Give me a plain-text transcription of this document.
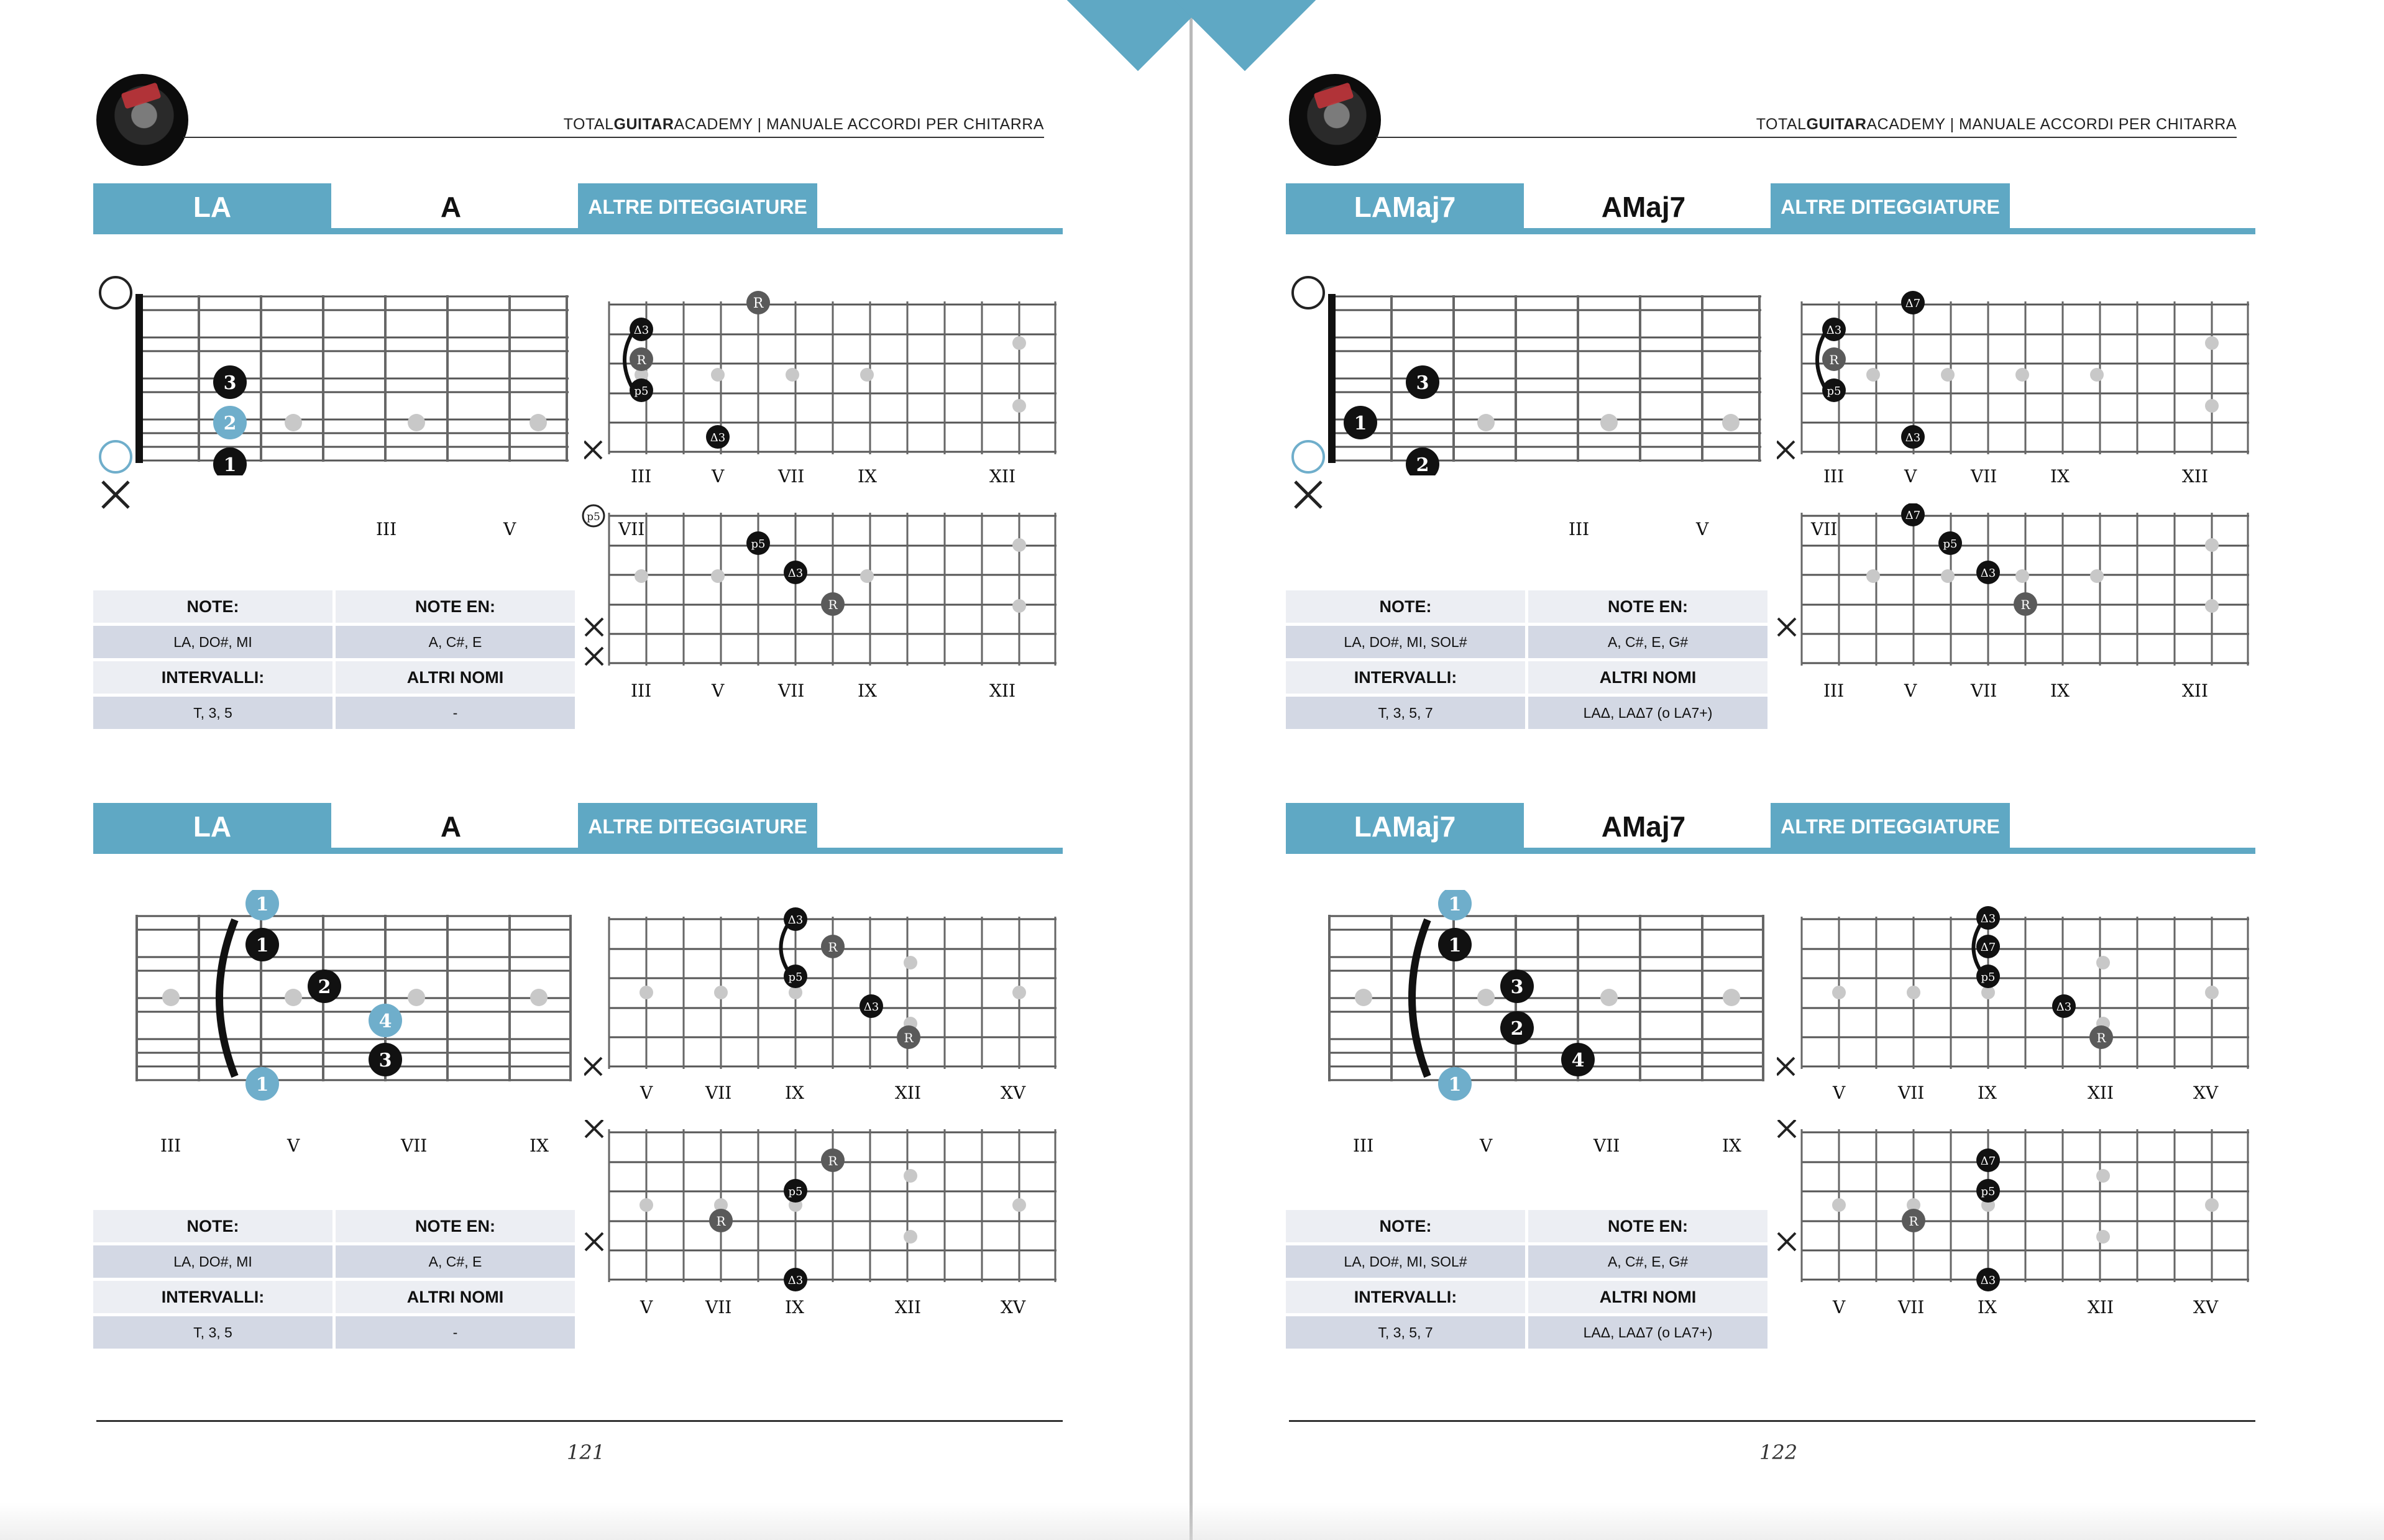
TOTALGUITARACADEMY | MANUALE ACCORDI PER CHITARRA
LA	A	ALTRE DITEGGIATURE
3
2
1
III	V	VII
R
Δ3
R
p5
Δ3
III	V	VII	IX	XII
p5
Δ3
R
p5
III	V	VII	IX	XII
NOTE:	NOTE EN:
LA, DO#, MI	A, C#, E
INTERVALLI:	ALTRI NOMI
T, 3, 5	-
LA	A	ALTRE DITEGGIATURE
1
1
2
4
3
1
III	V	VII	IX
Δ3
R
p5
Δ3
R
V	VII	IX	XII	XV
R
p5
R
Δ3
V	VII	IX	XII	XV
NOTE:	NOTE EN:
LA, DO#, MI	A, C#, E
INTERVALLI:	ALTRI NOMI
T, 3, 5	-
121
TOTALGUITARACADEMY | MANUALE ACCORDI PER CHITARRA
LAMaj7	AMaj7	ALTRE DITEGGIATURE
3
1
2
III	V	VII
Δ7
Δ3
R
p5
Δ3
III	V	VII	IX	XII
Δ7
p5
Δ3
R
III	V	VII	IX	XII
NOTE:	NOTE EN:
LA, DO#, MI, SOL#	A, C#, E, G#
INTERVALLI:	ALTRI NOMI
T, 3, 5, 7	LAΔ, LAΔ7 (o LA7+)
LAMaj7	AMaj7	ALTRE DITEGGIATURE
1
1
3
2
4
1
III	V	VII	IX
Δ3
Δ7
p5
Δ3
R
V	VII	IX	XII	XV
Δ7
p5
R
Δ3
V	VII	IX	XII	XV
NOTE:	NOTE EN:
LA, DO#, MI, SOL#	A, C#, E, G#
INTERVALLI:	ALTRI NOMI
T, 3, 5, 7	LAΔ, LAΔ7 (o LA7+)
122
